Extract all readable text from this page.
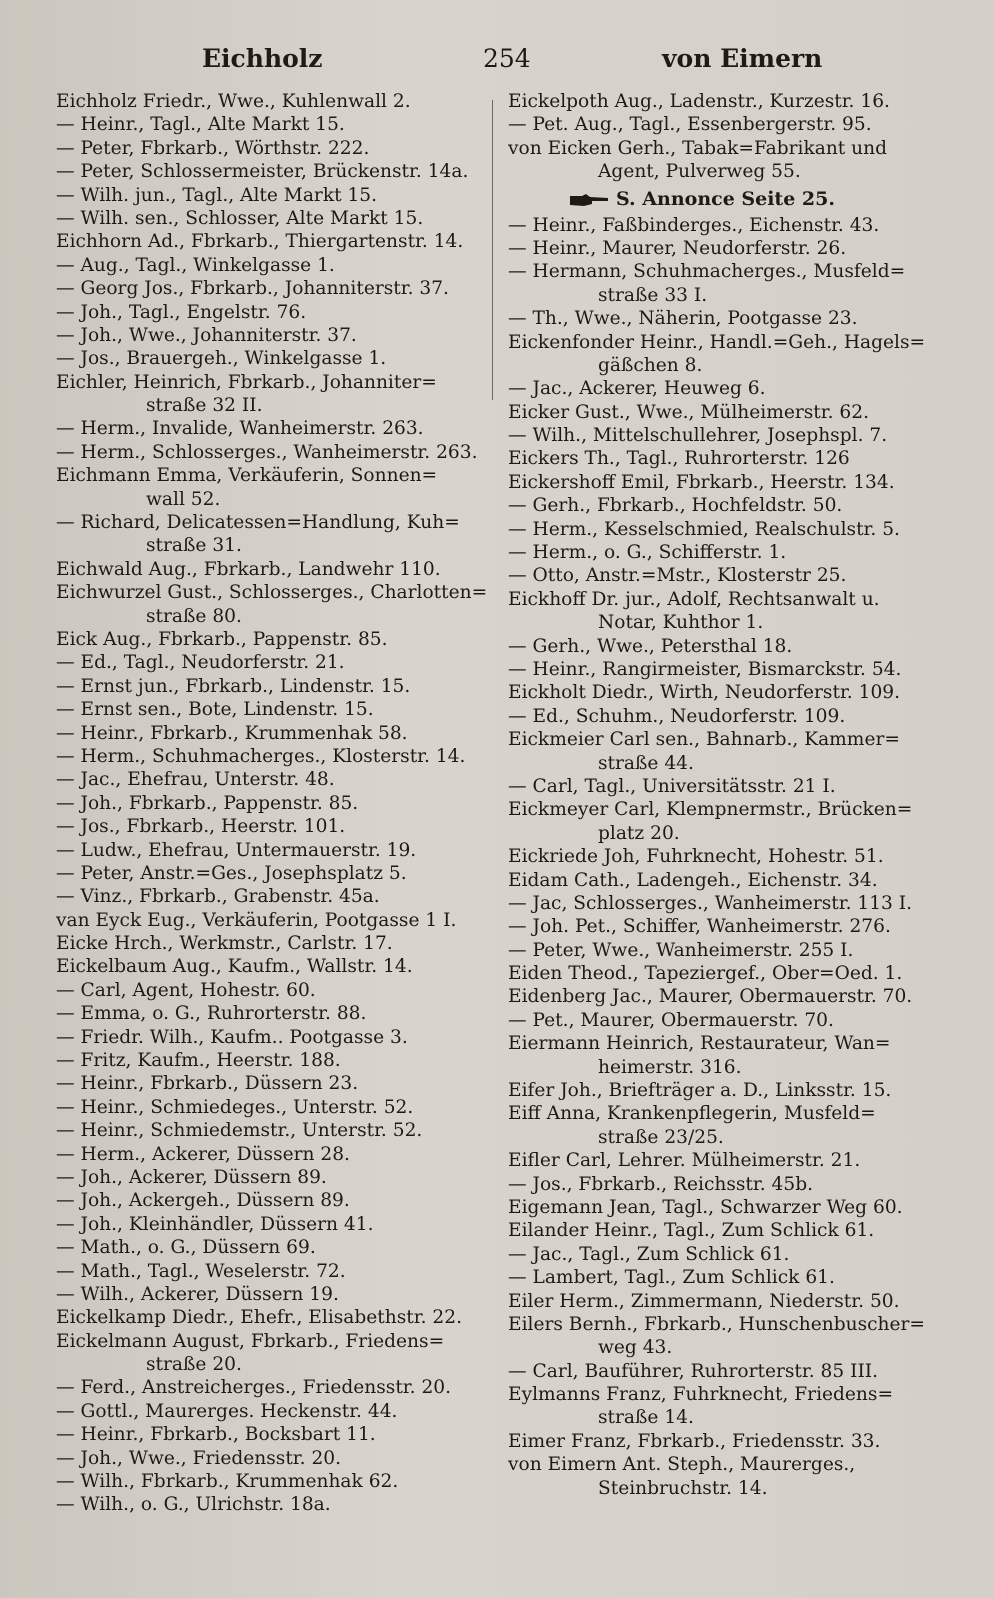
Eichholz	254	von Eimern
Eichholz Friedr., Wwe., Kuhlenwall 2.
— Heinr., Tagl., Alte Markt 15.
— Peter, Fbrkarb., Wörthstr. 222.
— Peter, Schlossermeister, Brückenstr. 14a.
— Wilh. jun., Tagl., Alte Markt 15.
— Wilh. sen., Schlosser, Alte Markt 15.
Eichhorn Ad., Fbrkarb., Thiergartenstr. 14.
— Aug., Tagl., Winkelgasse 1.
— Georg Jos., Fbrkarb., Johanniterstr. 37.
— Joh., Tagl., Engelstr. 76.
— Joh., Wwe., Johanniterstr. 37.
— Jos., Brauergeh., Winkelgasse 1.
Eichler, Heinrich, Fbrkarb., Johanniter=
straße 32 II.
— Herm., Invalide, Wanheimerstr. 263.
— Herm., Schlosserges., Wanheimerstr. 263.
Eichmann Emma, Verkäuferin, Sonnen=
wall 52.
— Richard, Delicatessen=Handlung, Kuh=
straße 31.
Eichwald Aug., Fbrkarb., Landwehr 110.
Eichwurzel Gust., Schlosserges., Charlotten=
straße 80.
Eick Aug., Fbrkarb., Pappenstr. 85.
— Ed., Tagl., Neudorferstr. 21.
— Ernst jun., Fbrkarb., Lindenstr. 15.
— Ernst sen., Bote, Lindenstr. 15.
— Heinr., Fbrkarb., Krummenhak 58.
— Herm., Schuhmacherges., Klosterstr. 14.
— Jac., Ehefrau, Unterstr. 48.
— Joh., Fbrkarb., Pappenstr. 85.
— Jos., Fbrkarb., Heerstr. 101.
— Ludw., Ehefrau, Untermauerstr. 19.
— Peter, Anstr.=Ges., Josephsplatz 5.
— Vinz., Fbrkarb., Grabenstr. 45a.
van Eyck Eug., Verkäuferin, Pootgasse 1 I.
Eicke Hrch., Werkmstr., Carlstr. 17.
Eickelbaum Aug., Kaufm., Wallstr. 14.
— Carl, Agent, Hohestr. 60.
— Emma, o. G., Ruhrorterstr. 88.
— Friedr. Wilh., Kaufm.. Pootgasse 3.
— Fritz, Kaufm., Heerstr. 188.
— Heinr., Fbrkarb., Düssern 23.
— Heinr., Schmiedeges., Unterstr. 52.
— Heinr., Schmiedemstr., Unterstr. 52.
— Herm., Ackerer, Düssern 28.
— Joh., Ackerer, Düssern 89.
— Joh., Ackergeh., Düssern 89.
— Joh., Kleinhändler, Düssern 41.
— Math., o. G., Düssern 69.
— Math., Tagl., Weselerstr. 72.
— Wilh., Ackerer, Düssern 19.
Eickelkamp Diedr., Ehefr., Elisabethstr. 22.
Eickelmann August, Fbrkarb., Friedens=
straße 20.
— Ferd., Anstreicherges., Friedensstr. 20.
— Gottl., Maurerges. Heckenstr. 44.
— Heinr., Fbrkarb., Bocksbart 11.
— Joh., Wwe., Friedensstr. 20.
— Wilh., Fbrkarb., Krummenhak 62.
— Wilh., o. G., Ulrichstr. 18a.
Eickelpoth Aug., Ladenstr., Kurzestr. 16.
— Pet. Aug., Tagl., Essenbergerstr. 95.
von Eicken Gerh., Tabak=Fabrikant und
Agent, Pulverweg 55.
S. Annonce Seite 25.
— Heinr., Faßbinderges., Eichenstr. 43.
— Heinr., Maurer, Neudorferstr. 26.
— Hermann, Schuhmacherges., Musfeld=
straße 33 I.
— Th., Wwe., Näherin, Pootgasse 23.
Eickenfonder Heinr., Handl.=Geh., Hagels=
gäßchen 8.
— Jac., Ackerer, Heuweg 6.
Eicker Gust., Wwe., Mülheimerstr. 62.
— Wilh., Mittelschullehrer, Josephspl. 7.
Eickers Th., Tagl., Ruhrorterstr. 126
Eickershoff Emil, Fbrkarb., Heerstr. 134.
— Gerh., Fbrkarb., Hochfeldstr. 50.
— Herm., Kesselschmied, Realschulstr. 5.
— Herm., o. G., Schifferstr. 1.
— Otto, Anstr.=Mstr., Klosterstr 25.
Eickhoff Dr. jur., Adolf, Rechtsanwalt u.
Notar, Kuhthor 1.
— Gerh., Wwe., Petersthal 18.
— Heinr., Rangirmeister, Bismarckstr. 54.
Eickholt Diedr., Wirth, Neudorferstr. 109.
— Ed., Schuhm., Neudorferstr. 109.
Eickmeier Carl sen., Bahnarb., Kammer=
straße 44.
— Carl, Tagl., Universitätsstr. 21 I.
Eickmeyer Carl, Klempnermstr., Brücken=
platz 20.
Eickriede Joh, Fuhrknecht, Hohestr. 51.
Eidam Cath., Ladengeh., Eichenstr. 34.
— Jac, Schlosserges., Wanheimerstr. 113 I.
— Joh. Pet., Schiffer, Wanheimerstr. 276.
— Peter, Wwe., Wanheimerstr. 255 I.
Eiden Theod., Tapeziergef., Ober=Oed. 1.
Eidenberg Jac., Maurer, Obermauerstr. 70.
— Pet., Maurer, Obermauerstr. 70.
Eiermann Heinrich, Restaurateur, Wan=
heimerstr. 316.
Eifer Joh., Briefträger a. D., Linksstr. 15.
Eiff Anna, Krankenpflegerin, Musfeld=
straße 23/25.
Eifler Carl, Lehrer. Mülheimerstr. 21.
— Jos., Fbrkarb., Reichsstr. 45b.
Eigemann Jean, Tagl., Schwarzer Weg 60.
Eilander Heinr., Tagl., Zum Schlick 61.
— Jac., Tagl., Zum Schlick 61.
— Lambert, Tagl., Zum Schlick 61.
Eiler Herm., Zimmermann, Niederstr. 50.
Eilers Bernh., Fbrkarb., Hunschenbuscher=
weg 43.
— Carl, Bauführer, Ruhrorterstr. 85 III.
Eylmanns Franz, Fuhrknecht, Friedens=
straße 14.
Eimer Franz, Fbrkarb., Friedensstr. 33.
von Eimern Ant. Steph., Maurerges.,
Steinbruchstr. 14.
